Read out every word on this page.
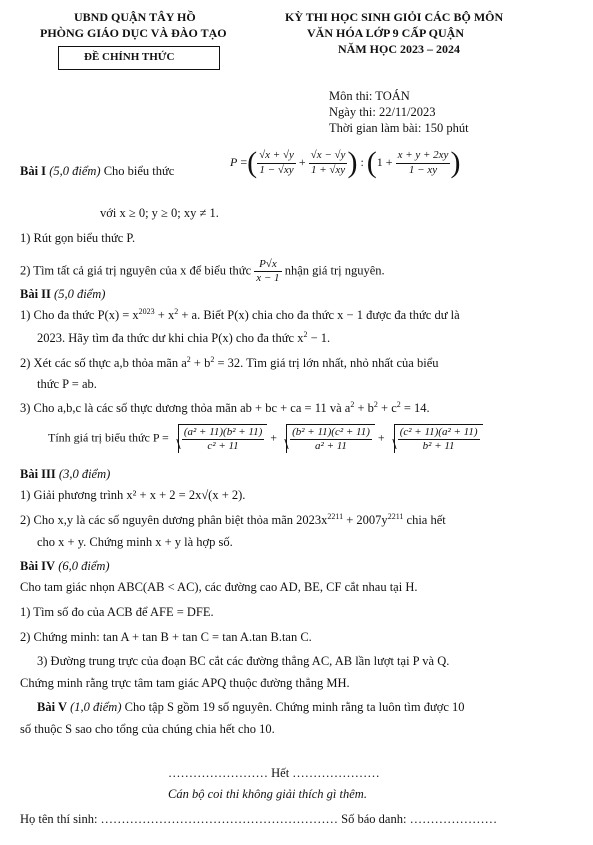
UBND QUẬN TÂY HỒ
PHÒNG GIÁO DỤC VÀ ĐÀO TẠO
ĐỀ CHÍNH THỨC
KỲ THI HỌC SINH GIỎI CÁC BỘ MÔN
VĂN HÓA LỚP 9 CẤP QUẬN
NĂM HỌC 2023 – 2024
Môn thi: TOÁN
Ngày thi: 22/11/2023
Thời gian làm bài: 150 phút
Bài I (5,0 điểm) Cho biểu thức
P =( $\frac{√x + √y}{1 - √xy} + \frac{√x - √y}{1 + √xy}$ ) : ($1 + \frac{x + y + 2xy}{1 - xy}$ )
với x ≥ 0; y ≥ 0; xy ≠ 1.
1) Rút gọn biểu thức P.
2) Tìm tất cả giá trị nguyên của x để biểu thức $\frac{P√x}{x - 1}$ nhận giá trị nguyên.
Bài II (5,0 điểm)
1) Cho đa thức $P(x) = x^{2023} + x^2 + a$. Biết P(x) chia cho đa thức x − 1 được đa thức dư là
2023. Hãy tìm đa thức dư khi chia P(x) cho đa thức $x^2 - 1$.
2) Xét các số thực a,b thỏa mãn $a^2 + b^2 = 32$. Tìm giá trị lớn nhất, nhỏ nhất của biểu
thức P = ab.
3) Cho a,b,c là các số thực dương thỏa mãn ab + bc + ca = 11 và $a^2 + b^2 + c^2 = 14$.
Tính giá trị biểu thức $P = \frac{\text{(a² + 11)(b² + 11)}}{\text{c² + 11}} + \frac{\text{(b² + 11)(c² + 11)}}{\text{a² + 11}} + \frac{\text{(c² + 11)(a² + 11)}}{\text{b² + 11}}$
Bài III (3,0 điểm)
1) Giải phương trình x² + x + 2 = 2x√(x + 2).
2) Cho x,y là các số nguyên dương phân biệt thỏa mãn $2023x^{2211} + 2007y^{2211}$ chia hết
cho x + y. Chứng minh x + y là hợp số.
Bài IV (6,0 điểm)
Cho tam giác nhọn ABC(AB < AC), các đường cao AD, BE, CF cắt nhau tại H.
1) Tìm số đo của ACB để AFE = DFE.
2) Chứng minh: tan A + tan B + tan C = tan A.tan B.tan C.
3) Đường trung trực của đoạn BC cắt các đường thẳng AC, AB lần lượt tại P và Q.
Chứng minh rằng trực tâm tam giác APQ thuộc đường thẳng MH.
Bài V (1,0 điểm) Cho tập S gồm 19 số nguyên. Chứng minh rằng ta luôn tìm được 10
số thuộc S sao cho tổng của chúng chia hết cho 10.
…………………… Hết …………………
Cán bộ coi thi không giải thích gì thêm.
Họ tên thí sinh: ………………………………………………… Số báo danh: …………………
